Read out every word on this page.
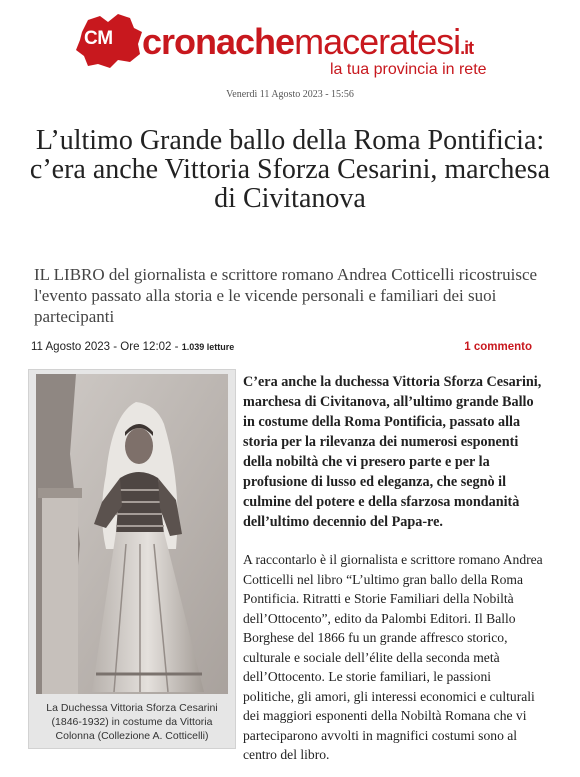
CM cronachemaceratesi.it
la tua provincia in rete
Venerdì 11 Agosto 2023 - 15:56
L’ultimo Grande ballo della Roma Pontificia: c’era anche Vittoria Sforza Cesarini, marchesa di Civitanova

IL LIBRO del giornalista e scrittore romano Andrea Cotticelli ricostruisce l'evento passato alla storia e le vicende personali e familiari dei suoi partecipanti

11 Agosto 2023 - Ore 12:02 - 1.039 letture	1 commento
La Duchessa Vittoria Sforza Cesarini (1846-1932) in costume da Vittoria Colonna (Collezione A. Cotticelli)

C’era anche la duchessa Vittoria Sforza Cesarini, marchesa di Civitanova, all’ultimo grande Ballo in costume della Roma Pontificia, passato alla storia per la rilevanza dei numerosi esponenti della nobiltà che vi presero parte e per la profusione di lusso ed eleganza, che segnò il culmine del potere e della sfarzosa mondanità dell’ultimo decennio del Papa-re.

A raccontarlo è il giornalista e scrittore romano Andrea Cotticelli nel libro “L’ultimo gran ballo della Roma Pontificia. Ritratti e Storie Familiari della Nobiltà dell’Ottocento”, edito da Palombi Editori. Il Ballo Borghese del 1866 fu un grande affresco storico, culturale e sociale dell’élite della seconda metà dell’Ottocento. Le storie familiari, le passioni politiche, gli amori, gli interessi economici e culturali dei maggiori esponenti della Nobiltà Romana che vi parteciparono avvolti in magnifici costumi sono al centro del libro.
